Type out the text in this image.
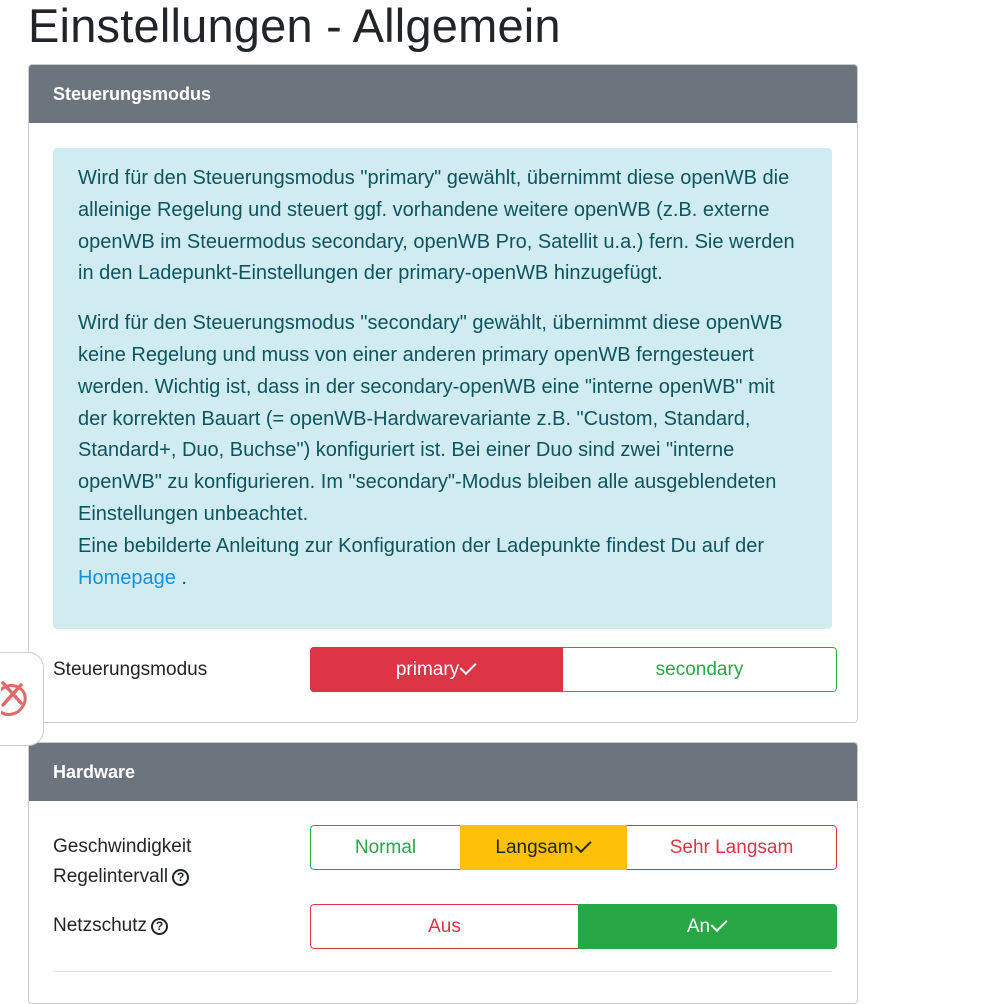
Einstellungen - Allgemein
Steuerungsmodus

Wird für den Steuerungsmodus "primary" gewählt, übernimmt diese openWB die alleinige Regelung und steuert ggf. vorhandene weitere openWB (z.B. externe openWB im Steuermodus secondary, openWB Pro, Satellit u.a.) fern. Sie werden in den Ladepunkt-Einstellungen der primary-openWB hinzugefügt.

Wird für den Steuerungsmodus "secondary" gewählt, übernimmt diese openWB keine Regelung und muss von einer anderen primary openWB ferngesteuert werden. Wichtig ist, dass in der secondary-openWB eine "interne openWB" mit der korrekten Bauart (= openWB-Hardwarevariante z.B. "Custom, Standard, Standard+, Duo, Buchse") konfiguriert ist. Bei einer Duo sind zwei "interne openWB" zu konfigurieren. Im "secondary"-Modus bleiben alle ausgeblendeten Einstellungen unbeachtet.
Eine bebilderte Anleitung zur Konfiguration der Ladepunkte findest Du auf der
Homepage .

Steuerungsmodus	primary	secondary
Hardware
Geschwindigkeit
Regelintervall ?
Normal	Langsam	Sehr Langsam
Netzschutz ?	Aus	An
